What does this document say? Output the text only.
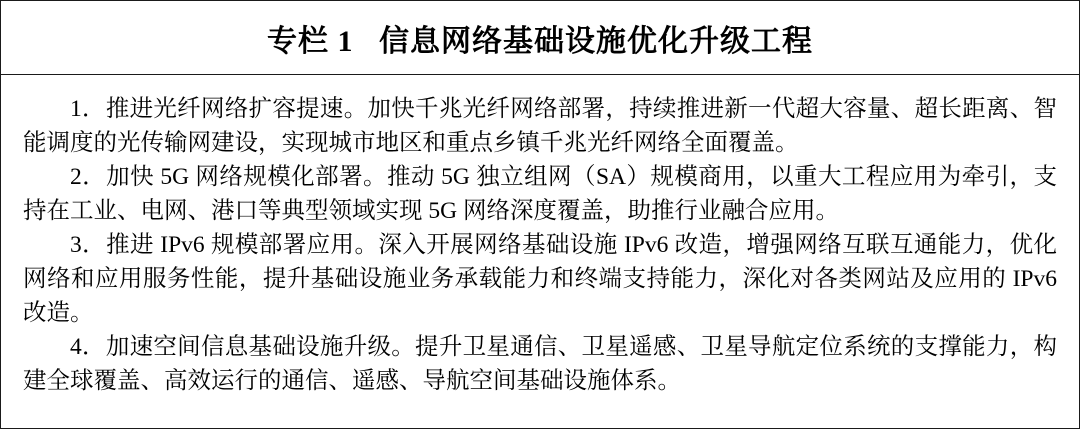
专栏 1   信息网络基础设施优化升级工程

1．推进光纤网络扩容提速。加快千兆光纤网络部署，持续推进新一代超大容量、超长距离、智能调度的光传输网建设，实现城市地区和重点乡镇千兆光纤网络全面覆盖。

2．加快 5G 网络规模化部署。推动 5G 独立组网（SA）规模商用，以重大工程应用为牵引，支持在工业、电网、港口等典型领域实现 5G 网络深度覆盖，助推行业融合应用。

3．推进 IPv6 规模部署应用。深入开展网络基础设施 IPv6 改造，增强网络互联互通能力，优化网络和应用服务性能，提升基础设施业务承载能力和终端支持能力，深化对各类网站及应用的 IPv6 改造。

4．加速空间信息基础设施升级。提升卫星通信、卫星遥感、卫星导航定位系统的支撑能力，构建全球覆盖、高效运行的通信、遥感、导航空间基础设施体系。
